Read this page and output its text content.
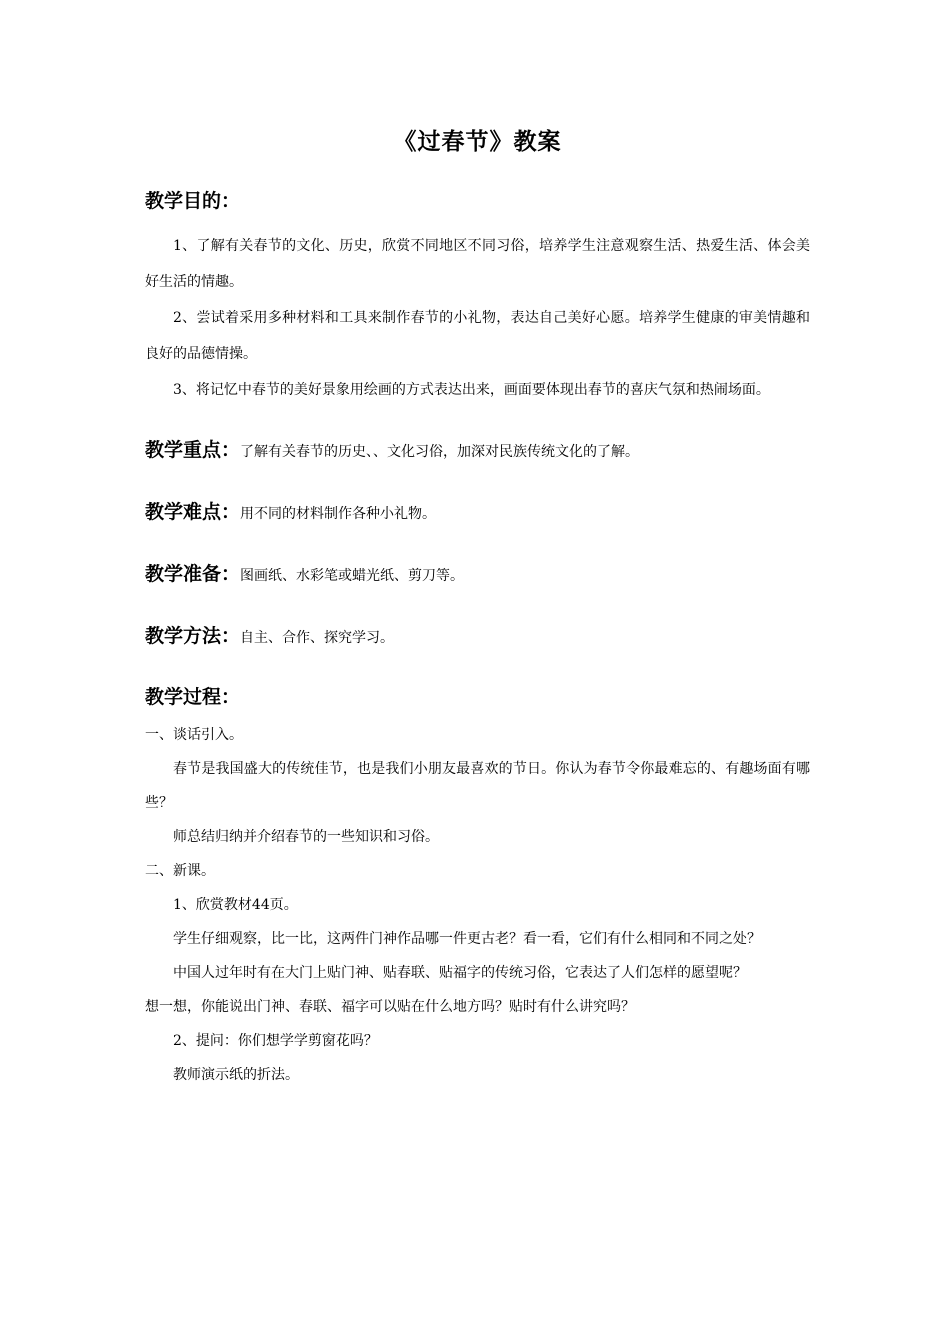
《过春节》教案
教学目的：

1、了解有关春节的文化、历史，欣赏不同地区不同习俗，培养学生注意观察生活、热爱生活、体会美好生活的情趣。

2、尝试着采用多种材料和工具来制作春节的小礼物，表达自己美好心愿。培养学生健康的审美情趣和良好的品德情操。

3、将记忆中春节的美好景象用绘画的方式表达出来，画面要体现出春节的喜庆气氛和热闹场面。

教学重点：了解有关春节的历史、、文化习俗，加深对民族传统文化的了解。
教学难点：用不同的材料制作各种小礼物。
教学准备：图画纸、水彩笔或蜡光纸、剪刀等。
教学方法：自主、合作、探究学习。
教学过程：

一、谈话引入。

春节是我国盛大的传统佳节，也是我们小朋友最喜欢的节日。你认为春节令你最难忘的、有趣场面有哪些？

师总结归纳并介绍春节的一些知识和习俗。

二、新课。

1、欣赏教材44页。

学生仔细观察，比一比，这两件门神作品哪一件更古老？看一看，它们有什么相同和不同之处？

中国人过年时有在大门上贴门神、贴春联、贴福字的传统习俗，它表达了人们怎样的愿望呢？

想一想，你能说出门神、春联、福字可以贴在什么地方吗？贴时有什么讲究吗？

2、提问：你们想学学剪窗花吗？

教师演示纸的折法。
